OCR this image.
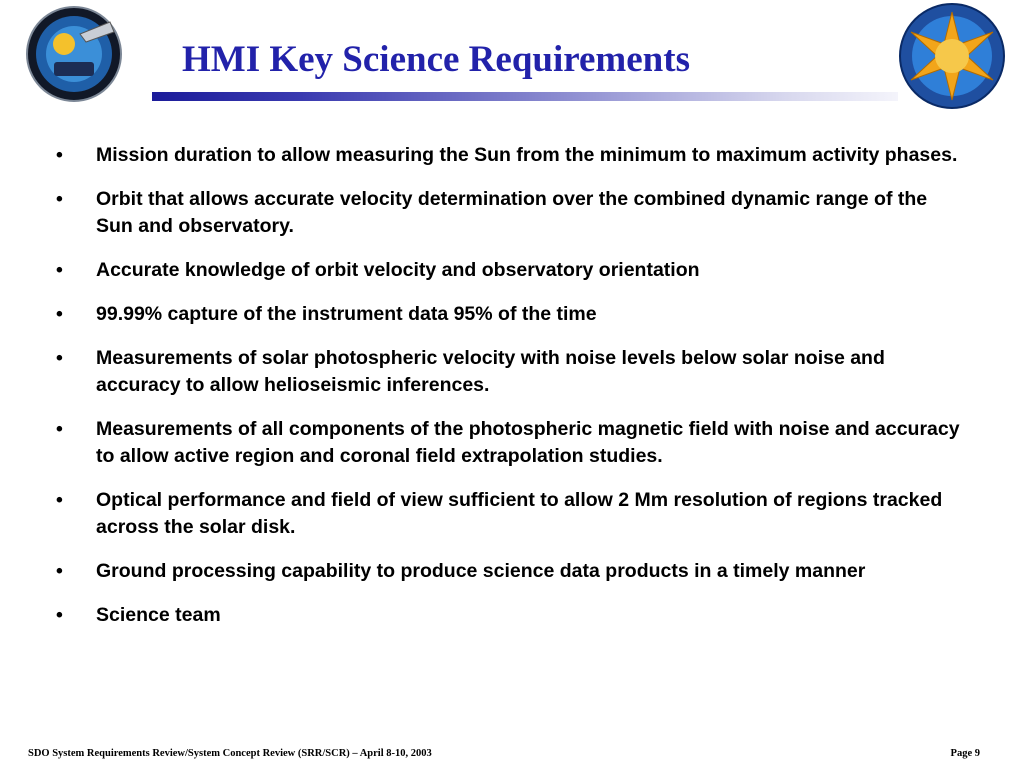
HMI Key Science Requirements
•	Mission duration to allow measuring the Sun from the minimum to maximum activity phases.
•	Orbit that allows accurate velocity determination over the combined dynamic range of the Sun and observatory.
•	Accurate knowledge of orbit velocity and observatory orientation
•	99.99% capture of the instrument data 95% of the time
•	Measurements of solar photospheric velocity with noise levels below solar noise and accuracy to allow helioseismic inferences.
•	Measurements of all components of the photospheric magnetic field with noise and accuracy to allow active region and coronal field extrapolation studies.
•	Optical performance and field of view sufficient to allow 2 Mm resolution of regions tracked across the solar disk.
•	Ground processing capability to produce science data products in a timely manner
•	Science team

SDO System Requirements Review/System Concept Review (SRR/SCR) – April 8-10, 2003	Page 9
